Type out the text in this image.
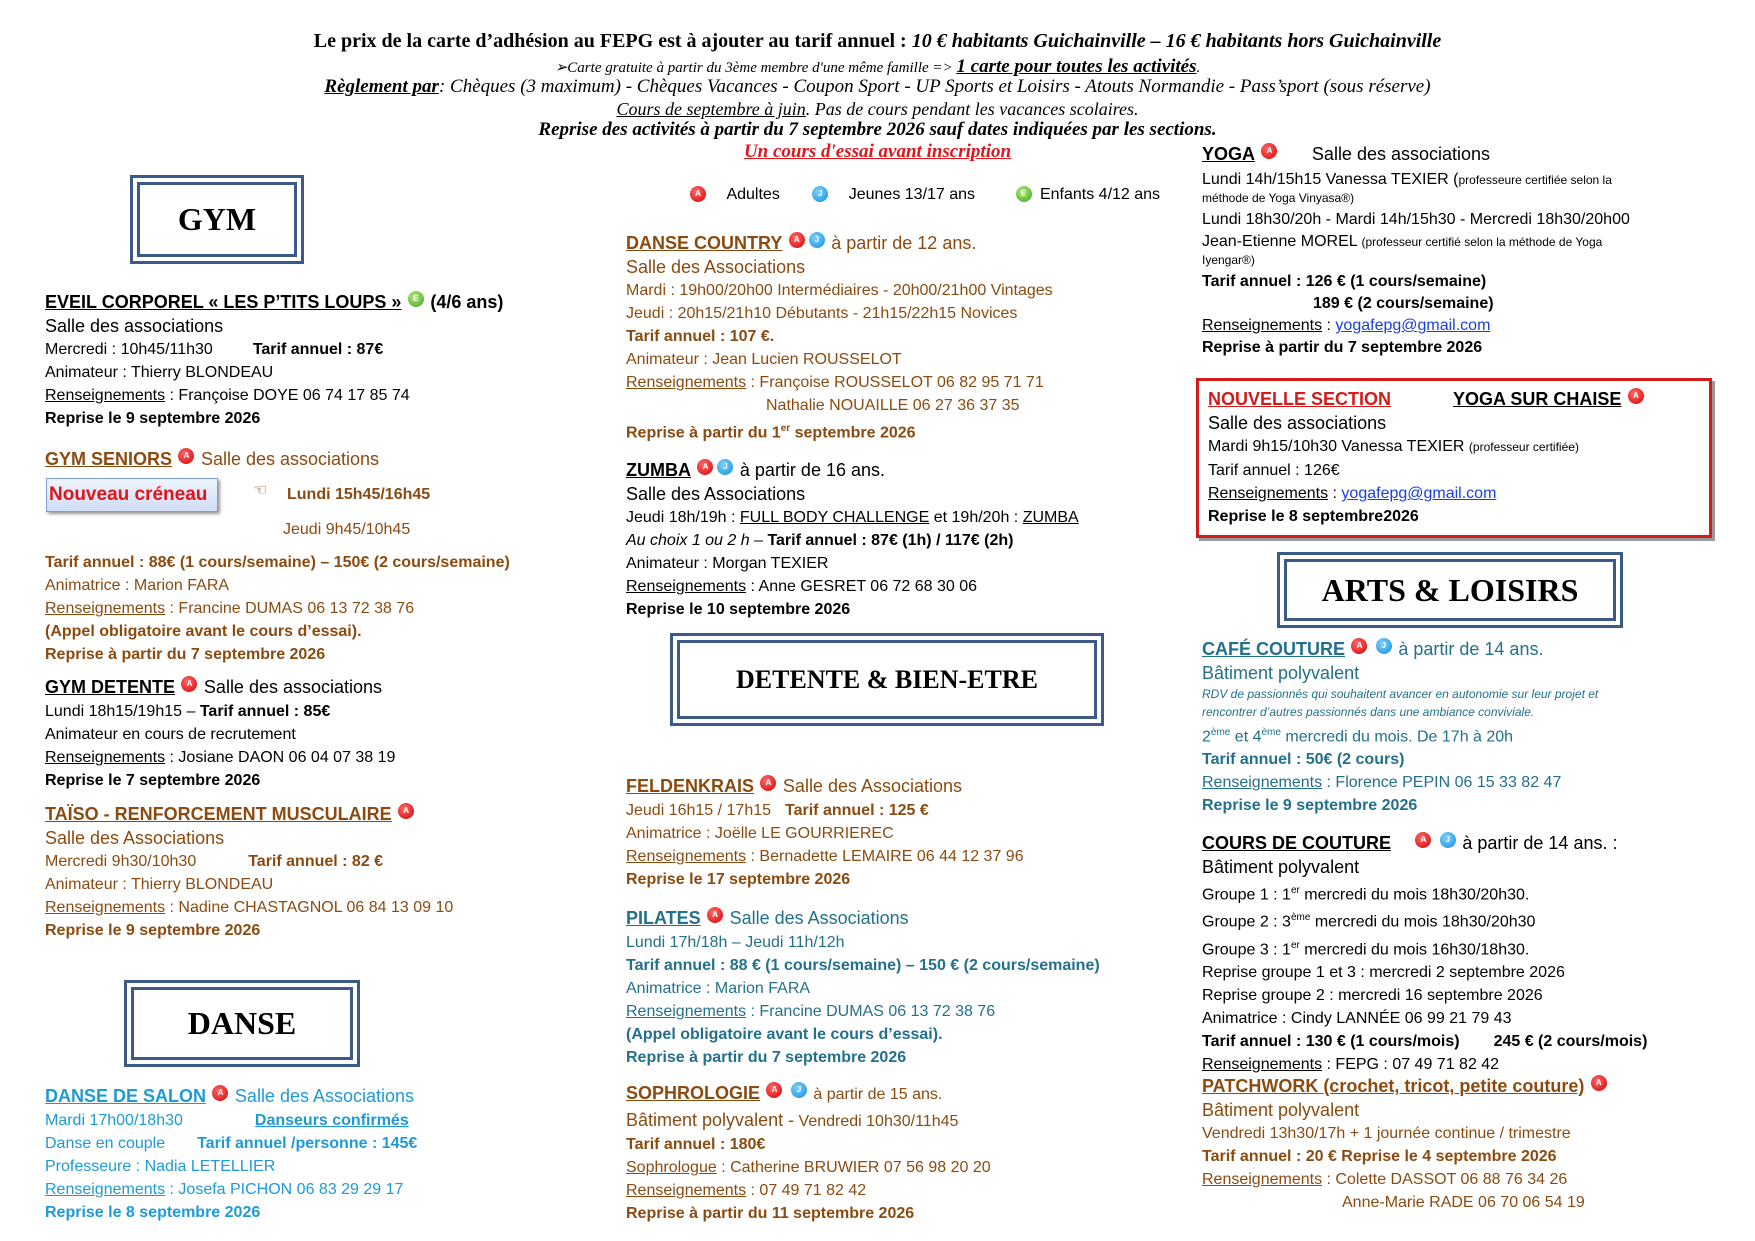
Le prix de la carte d’adhésion au FEPG est à ajouter au tarif annuel : 10 € habitants Guichainville – 16 € habitants hors Guichainville
➢Carte gratuite à partir du 3ème membre d'une même famille => 1 carte pour toutes les activités.
Règlement par: Chèques (3 maximum) - Chèques Vacances - Coupon Sport - UP Sports et Loisirs - Atouts Normandie - Pass’sport (sous réserve)
Cours de septembre à juin. Pas de cours pendant les vacances scolaires.
Reprise des activités à partir du 7 septembre 2026 sauf dates indiquées par les sections.
Un cours d'essai avant inscription
A Adultes	J Jeunes 13/17 ans	E Enfants 4/12 ans
GYM
DANSE
DETENTE & BIEN-ETRE
ARTS & LOISIRS
EVEIL CORPOREL « LES P’TITS LOUPS » E (4/6 ans)
Salle des associations
Mercredi : 10h45/11h30	Tarif annuel : 87€
Animateur : Thierry BLONDEAU
Renseignements : Françoise DOYE 06 74 17 85 74
Reprise le 9 septembre 2026
GYM SENIORS A Salle des associations
Nouveau créneau	☜ Lundi 15h45/16h45
Jeudi 9h45/10h45
Tarif annuel : 88€ (1 cours/semaine) – 150€ (2 cours/semaine)
Animatrice : Marion FARA
Renseignements : Francine DUMAS 06 13 72 38 76
(Appel obligatoire avant le cours d’essai).
Reprise à partir du 7 septembre 2026
GYM DETENTE A Salle des associations
Lundi 18h15/19h15 – Tarif annuel : 85€
Animateur en cours de recrutement
Renseignements : Josiane DAON 06 04 07 38 19
Reprise le 7 septembre 2026
TAÏSO - RENFORCEMENT MUSCULAIRE A
Salle des Associations
Mercredi 9h30/10h30	Tarif annuel : 82 €
Animateur : Thierry BLONDEAU
Renseignements : Nadine CHASTAGNOL 06 84 13 09 10
Reprise le 9 septembre 2026
DANSE DE SALON A Salle des Associations
Mardi 17h00/18h30	Danseurs confirmés
Danse en couple Tarif annuel /personne : 145€
Professeure : Nadia LETELLIER
Renseignements : Josefa PICHON 06 83 29 29 17
Reprise le 8 septembre 2026
DANSE COUNTRY A J à partir de 12 ans.
Salle des Associations
Mardi : 19h00/20h00 Intermédiaires - 20h00/21h00 Vintages
Jeudi : 20h15/21h10 Débutants - 21h15/22h15 Novices
Tarif annuel : 107 €.
Animateur : Jean Lucien ROUSSELOT
Renseignements : Françoise ROUSSELOT 06 82 95 71 71
Nathalie NOUAILLE 06 27 36 37 35
Reprise à partir du 1er septembre 2026
ZUMBA A J à partir de 16 ans.
Salle des Associations
Jeudi 18h/19h : FULL BODY CHALLENGE et 19h/20h : ZUMBA
Au choix 1 ou 2 h – Tarif annuel : 87€ (1h) / 117€ (2h)
Animateur : Morgan TEXIER
Renseignements : Anne GESRET 06 72 68 30 06
Reprise le 10 septembre 2026
FELDENKRAIS A Salle des Associations
Jeudi 16h15 / 17h15 Tarif annuel : 125 €
Animatrice : Joëlle LE GOURRIEREC
Renseignements : Bernadette LEMAIRE 06 44 12 37 96
Reprise le 17 septembre 2026
PILATES A Salle des Associations
Lundi 17h/18h – Jeudi 11h/12h
Tarif annuel : 88 € (1 cours/semaine) – 150 € (2 cours/semaine)
Animatrice : Marion FARA
Renseignements : Francine DUMAS 06 13 72 38 76
(Appel obligatoire avant le cours d’essai).
Reprise à partir du 7 septembre 2026
SOPHROLOGIE A J à partir de 15 ans.
Bâtiment polyvalent - Vendredi 10h30/11h45
Tarif annuel : 180€
Sophrologue : Catherine BRUWIER 07 56 98 20 20
Renseignements : 07 49 71 82 42
Reprise à partir du 11 septembre 2026
YOGA A Salle des associations
Lundi 14h/15h15 Vanessa TEXIER (professeure certifiée selon la
méthode de Yoga Vinyasa®)
Lundi 18h30/20h - Mardi 14h/15h30 - Mercredi 18h30/20h00
Jean-Etienne MOREL (professeur certifié selon la méthode de Yoga
Iyengar®)
Tarif annuel : 126 € (1 cours/semaine)
189 € (2 cours/semaine)
Renseignements : yogafepg@gmail.com
Reprise à partir du 7 septembre 2026
NOUVELLE SECTION	YOGA SUR CHAISE A
Salle des associations
Mardi 9h15/10h30 Vanessa TEXIER (professeur certifiée)
Tarif annuel : 126€
Renseignements : yogafepg@gmail.com
Reprise le 8 septembre2026
CAFÉ COUTURE A J à partir de 14 ans.
Bâtiment polyvalent
RDV de passionnés qui souhaitent avancer en autonomie sur leur projet et
rencontrer d’autres passionnés dans une ambiance conviviale.
2ème et 4ème mercredi du mois. De 17h à 20h
Tarif annuel : 50€ (2 cours)
Renseignements : Florence PEPIN 06 15 33 82 47
Reprise le 9 septembre 2026
COURS DE COUTURE	A J à partir de 14 ans. :
Bâtiment polyvalent
Groupe 1 : 1er mercredi du mois 18h30/20h30.
Groupe 2 : 3ème mercredi du mois 18h30/20h30
Groupe 3 : 1er mercredi du mois 16h30/18h30.
Reprise groupe 1 et 3 : mercredi 2 septembre 2026
Reprise groupe 2 : mercredi 16 septembre 2026
Animatrice : Cindy LANNÉE 06 99 21 79 43
Tarif annuel : 130 € (1 cours/mois) 245 € (2 cours/mois)
Renseignements : FEPG : 07 49 71 82 42
PATCHWORK (crochet, tricot, petite couture) A
Bâtiment polyvalent
Vendredi 13h30/17h + 1 journée continue / trimestre
Tarif annuel : 20 € Reprise le 4 septembre 2026
Renseignements : Colette DASSOT 06 88 76 34 26
Anne-Marie RADE 06 70 06 54 19
